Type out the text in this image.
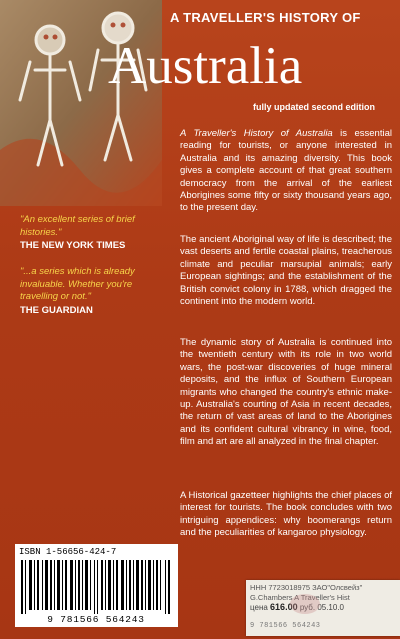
A TRAVELLER'S HISTORY OF
Australia
fully updated second edition

A Traveller's History of Australia is essential reading for tourists, or anyone interested in Australia and its amazing diversity. This book gives a complete account of that great southern democracy from the arrival of the earliest Aborigines some fifty or sixty thousand years ago, to the present day.

The ancient Aboriginal way of life is described; the vast deserts and fertile coastal plains, treacherous climate and peculiar marsupial animals; early European sightings; and the establishment of the British convict colony in 1788, which dragged the continent into the modern world.

The dynamic story of Australia is continued into the twentieth century with its role in two world wars, the post-war discoveries of huge mineral deposits, and the influx of Southern European migrants who changed the country's ethnic make-up. Australia's courting of Asia in recent decades, the return of vast areas of land to the Aborigines and its confident cultural vibrancy in wine, food, film and art are all analyzed in the final chapter.

A Historical gazetteer highlights the chief places of interest for tourists. The book concludes with two intriguing appendices: why boomerangs return and the peculiarities of kangaroo physiology.

"An excellent series of brief histories."

THE NEW YORK TIMES

"...a series which is already invaluable. Whether you're travelling or not."

THE GUARDIAN
ISBN 1-56656-424-7
9 781566 564243
ННН 7723018975 ЗАО"Олсвейз"
G.Chambers A Traveller's Hist
цена 616.00 руб. 05.10.0
9 781566 564243
